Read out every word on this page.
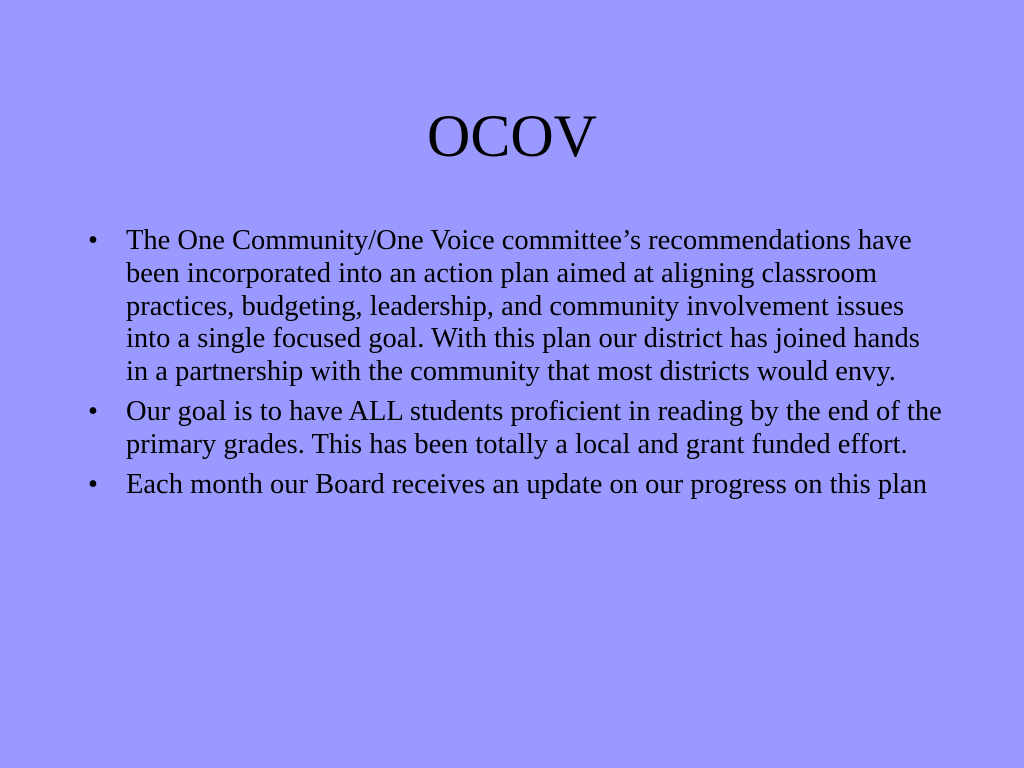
OCOV
• The One Community/One Voice committee’s recommendations have been incorporated into an action plan aimed at aligning classroom practices, budgeting, leadership, and community involvement issues into a single focused goal. With this plan our district has joined hands in a partnership with the community that most districts would envy.
• Our goal is to have ALL students proficient in reading by the end of the primary grades. This has been totally a local and grant funded effort.
• Each month our Board receives an update on our progress on this plan
